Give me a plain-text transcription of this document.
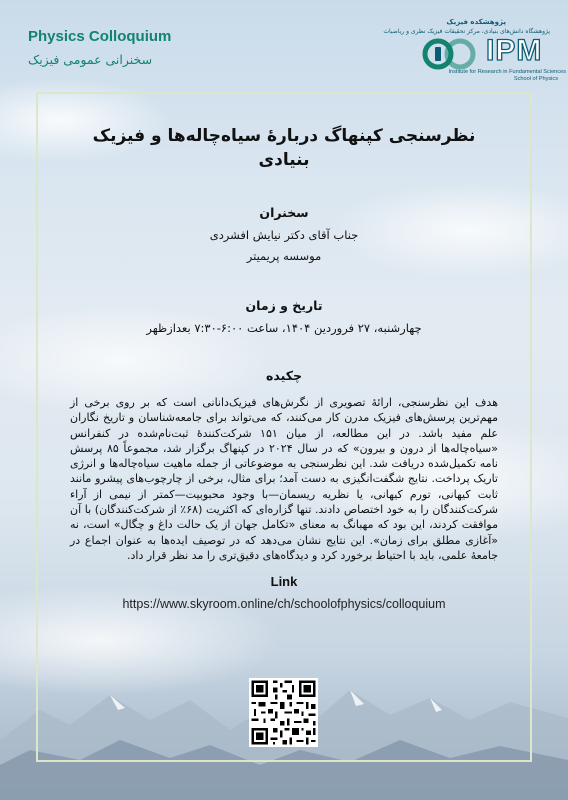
Physics Colloquium

سخنرانی عمومی فیزیک

پژوهشکده فیزیک
پژوهشگاه دانش‌های بنیادی، مرکز تحقیقات فیزیک نظری و ریاضیات
IPM
Institute for Research in Fundamental Sciences
School of Physics
نظرسنجی کپنهاگ دربارهٔ سیاه‌چاله‌ها و فیزیک بنیادی
سخنران

جناب آقای دکتر نیایش افشردی

موسسه پریمیتر

تاریخ و زمان

چهارشنبه، ۲۷ فروردین ۱۴۰۴، ساعت ۶:۰۰-۷:۳۰ بعدازظهر

چکیده

هدف این نظرسنجی، ارائهٔ تصویری از نگرش‌های فیزیک‌دانانی است که بر روی برخی از مهم‌ترین پرسش‌های فیزیک مدرن کار می‌کنند، که می‌تواند برای جامعه‌شناسان و تاریخ نگاران علم مفید باشد. در این مطالعه، از میان ۱۵۱ شرکت‌کنندهٔ ثبت‌نام‌شده در کنفرانس «سیاه‌چاله‌ها از درون و بیرون» که در سال ۲۰۲۴ در کپنهاگ برگزار شد، مجموعاً ۸۵ پرسش نامه تکمیل‌شده دریافت شد. این نظرسنجی به موضوعاتی از جمله ماهیت سیاه‌چاله‌ها و انرژی تاریک پرداخت. نتایج شگفت‌انگیزی به دست آمد؛ برای مثال، برخی از چارچوب‌های پیشرو مانند ثابت کیهانی، تورم کیهانی، یا نظریه ریسمان—با وجود محبوبیت—کمتر از نیمی از آراء شرکت‌کنندگان را به خود اختصاص دادند. تنها گزاره‌ای که اکثریت (۶۸٪ از شرکت‌کنندگان) با آن موافقت کردند، این بود که مهبانگ به معنای «تکامل جهان از یک حالت داغ و چگال» است، نه «آغازی مطلق برای زمان». این نتایج نشان می‌دهد که در توصیف ایده‌ها به عنوان اجماع در جامعهٔ علمی، باید با احتیاط برخورد کرد و دیدگاه‌های دقیق‌تری را مد نظر قرار داد.

Link

https://www.skyroom.online/ch/schoolofphysics/colloquium
